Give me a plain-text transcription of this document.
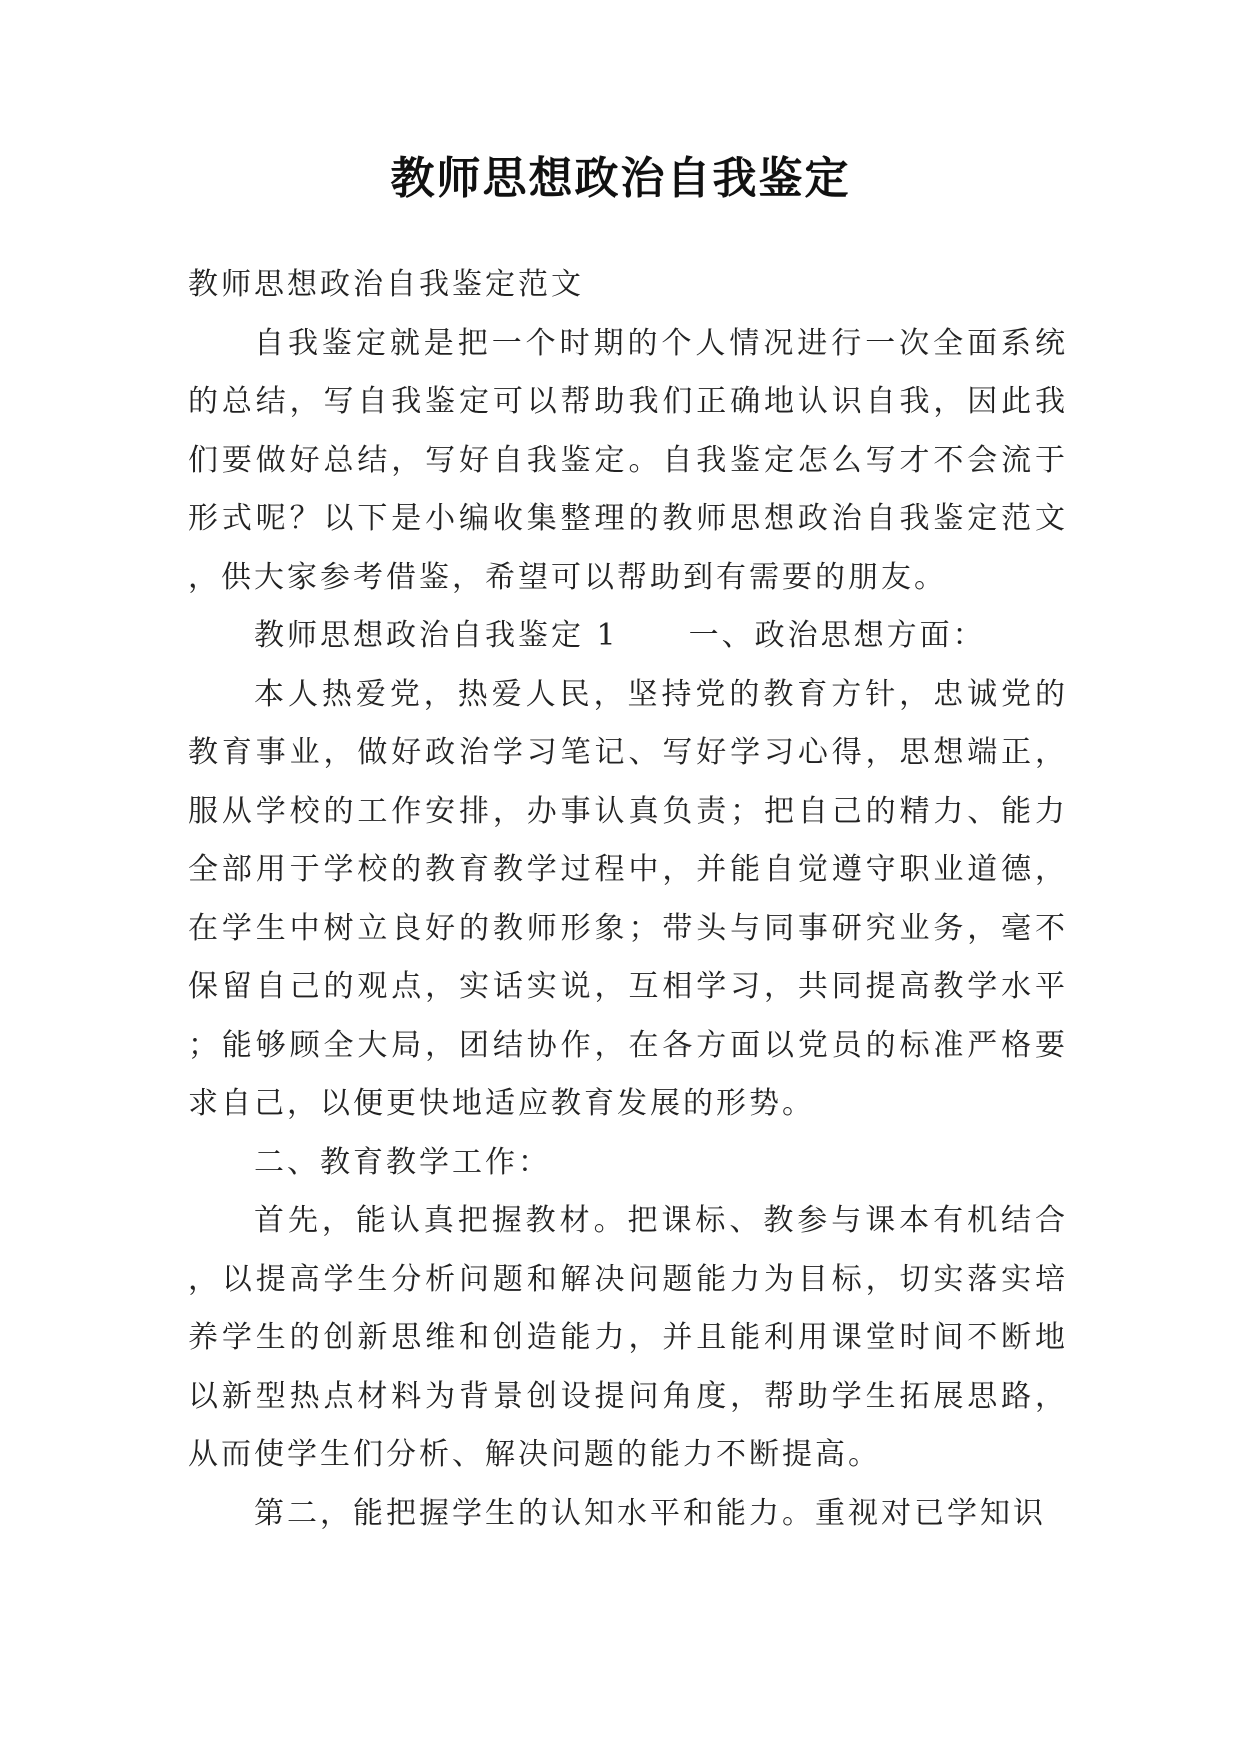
教师思想政治自我鉴定

教师思想政治自我鉴定范文

自我鉴定就是把一个时期的个人情况进行一次全面系统的总结，写自我鉴定可以帮助我们正确地认识自我，因此我们要做好总结，写好自我鉴定。自我鉴定怎么写才不会流于形式呢？以下是小编收集整理的教师思想政治自我鉴定范文，供大家参考借鉴，希望可以帮助到有需要的朋友。

教师思想政治自我鉴定 1 一、政治思想方面：

本人热爱党，热爱人民，坚持党的教育方针，忠诚党的教育事业，做好政治学习笔记、写好学习心得，思想端正，服从学校的工作安排，办事认真负责；把自己的精力、能力全部用于学校的教育教学过程中，并能自觉遵守职业道德，在学生中树立良好的教师形象；带头与同事研究业务，毫不保留自己的观点，实话实说，互相学习，共同提高教学水平；能够顾全大局，团结协作，在各方面以党员的标准严格要求自己，以便更快地适应教育发展的形势。

二、教育教学工作：

首先，能认真把握教材。把课标、教参与课本有机结合，以提高学生分析问题和解决问题能力为目标，切实落实培养学生的创新思维和创造能力，并且能利用课堂时间不断地以新型热点材料为背景创设提问角度，帮助学生拓展思路，从而使学生们分析、解决问题的能力不断提高。

第二，能把握学生的认知水平和能力。重视对已学知识
